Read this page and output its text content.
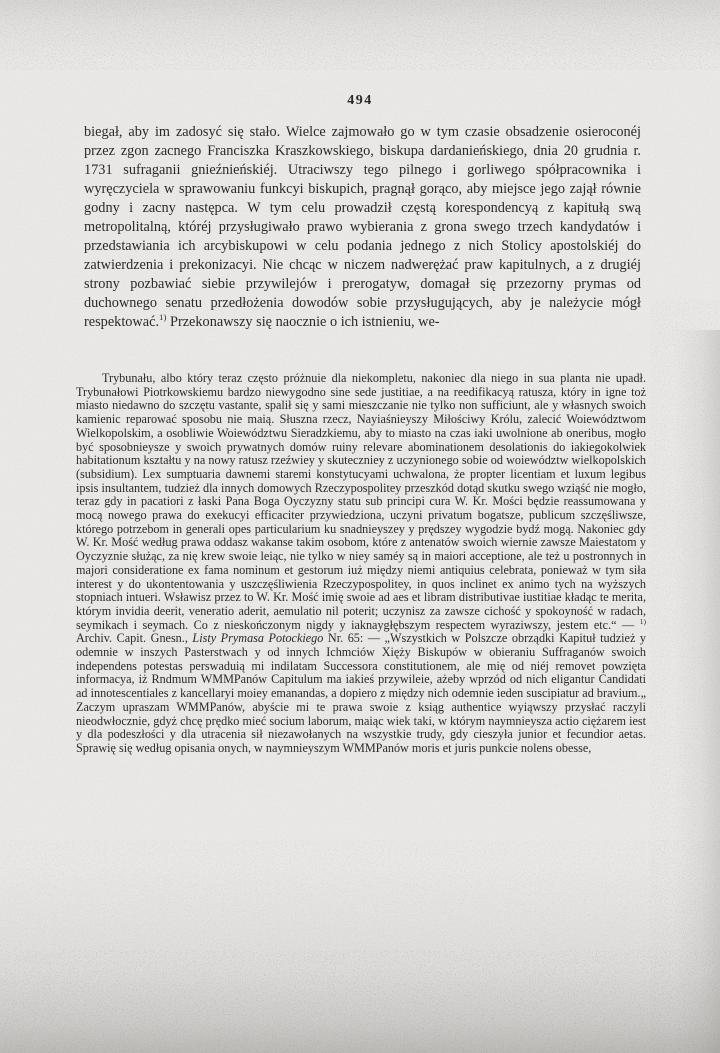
494
biegał, aby im zadosyć się stało. Wielce zajmowało go w tym czasie obsadzenie osieroconéj przez zgon zacnego Franciszka Kraszkowskiego, biskupa dardanieńskiego, dnia 20 grudnia r. 1731 sufraganii gnieźnieńskiéj. Utraciwszy tego pilnego i gorliwego spółpracownika i wyręczyciela w sprawowaniu funkcyi biskupich, pragnął gorąco, aby miejsce jego zajął równie godny i zacny następca. W tym celu prowadził częstą korespondencyą z kapitułą swą metropolitalną, któréj przysługiwało prawo wybierania z grona swego trzech kandydatów i przedstawiania ich arcybiskupowi w celu podania jednego z nich Stolicy apostolskiéj do zatwierdzenia i prekonizacyi. Nie chcąc w niczem nadwerężać praw kapitulnych, a z drugiéj strony pozbawiać siebie przywilejów i prerogatyw, domagał się przezorny prymas od duchownego senatu przedłożenia dowodów sobie przysługujących, aby je należycie mógł respektować.$^{1)}$ Przekonawszy się naocznie o ich istnieniu, we-
Trybunału, albo który teraz często próżnuie dla niekompletu, nakoniec dla niego in sua planta nie upadł. Trybunałowi Piotrkowskiemu bardzo niewygodno sine sede justitiae, a na reedifikacyą ratusza, który in igne toż miasto niedawno do szczętu vastante, spalił się y sami mieszczanie nie tylko non sufficiunt, ale y własnych swoich kamienic reparować sposobu nie maią. Słuszna rzecz, Nayiaśnieyszy Miłościwy Królu, zalecić Woiewództwom Wielkopolskim, a osobliwie Woiewództwu Sieradzkiemu, aby to miasto na czas iaki uwolnione ab oneribus, mogło być sposobnieysze y swoich prywatnych domów ruiny relevare abominationem desolationis do iakiegokolwiek habitationum kształtu y na nowy ratusz rzeźwiey y skuteczniey z uczynionego sobie od woiewództw wielkopolskich (subsidium). Lex sumptuaria dawnemi staremi konstytucyami uchwalona, że propter licentiam et luxum legibus ipsis insultantem, tudzież dla innych domowych Rzeczypospolitey przeszkód dotąd skutku swego wziąść nie mogło, teraz gdy in pacatiori z łaski Pana Boga Oyczyzny statu sub principi cura W. Kr. Mości będzie reassumowana y mocą nowego prawa do exekucyi efficaciter przywiedziona, uczyni privatum bogatsze, publicum szczęśliwsze, którego potrzebom in generali opes particularium ku snadnieyszey y prędszey wygodzie bydź mogą. Nakoniec gdy W. Kr. Mość według prawa oddasz wakanse takim osobom, które z antenatów swoich wiernie zawsze Maiestatom y Oyczyznie służąc, za nię krew swoie leiąc, nie tylko w niey saméy są in maiori acceptione, ale też u postronnych in majori consideratione ex fama nominum et gestorum iuż między niemi antiquius celebrata, ponieważ w tym siła interest y do ukontentowania y uszczęśliwienia Rzeczypospolitey, in quos inclinet ex animo tych na wyższych stopniach intueri. Wsławisz przez to W. Kr. Mość imię swoie ad aes et libram distributivae iustitiae kładąc te merita, którym invidia deerit, veneratio aderit, aemulatio nil poterit; uczynisz za zawsze cichość y spokoyność w radach, seymikach i seymach. Co z nieskończonym nigdy y iaknaygłębszym respectem wyraziwszy, jestem etc.“ — $^{1)}$ Archiv. Capit. Gnesn., Listy Prymasa Potockiego Nr. 65: — „Wszystkich w Polszcze obrządki Kapituł tudzież y odemnie w inszych Pasterstwach y od innych Ichmciów Xięży Biskupów w obieraniu Suffraganów swoich independens potestas perswaduią mi indilatam Successora constitutionem, ale mię od niéj removet powzięta informacya, iż Rndmum WMMPanów Capitulum ma iakieś przywileie, ażeby wprzód od nich eligantur Candidati ad innotescentiales z kancellaryi moiey emanandas, a dopiero z między nich odemnie ieden suscipiatur ad bravium.„ Zaczym upraszam WMMPanów, abyście mi te prawa swoie z ksiąg authentice wyiąwszy przysłać raczyli nieodwłocznie, gdyż chcę prędko mieć socium laborum, maiąc wiek taki, w którym naymnieysza actio ciężarem iest y dla podeszłości y dla utracenia sił niezawołanych na wszystkie trudy, gdy cieszyła junior et fecundior aetas. Sprawię się według opisania onych, w naymnieyszym WMMPanów moris et juris punkcie nolens obesse,
